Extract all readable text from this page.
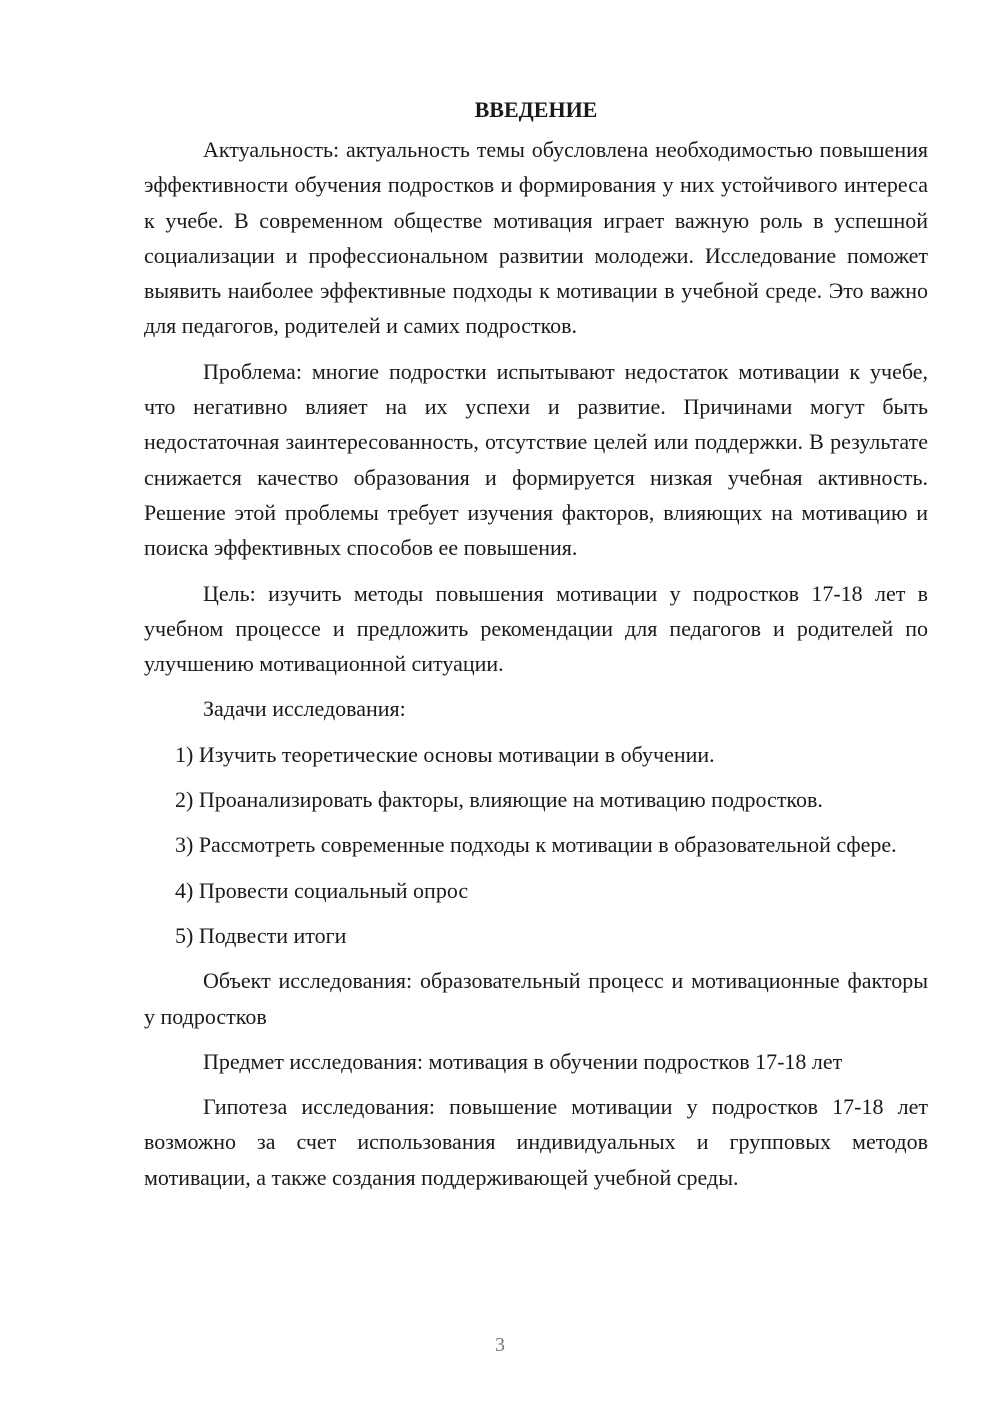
ВВЕДЕНИЕ

Актуальность: актуальность темы обусловлена необходимостью повышения эффективности обучения подростков и формирования у них устойчивого интереса к учебе. В современном обществе мотивация играет важную роль в успешной социализации и профессиональном развитии молодежи. Исследование поможет выявить наиболее эффективные подходы к мотивации в учебной среде. Это важно для педагогов, родителей и самих подростков.

Проблема: многие подростки испытывают недостаток мотивации к учебе, что негативно влияет на их успехи и развитие. Причинами могут быть недостаточная заинтересованность, отсутствие целей или поддержки. В результате снижается качество образования и формируется низкая учебная активность. Решение этой проблемы требует изучения факторов, влияющих на мотивацию и поиска эффективных способов ее повышения.

Цель: изучить методы повышения мотивации у подростков 17-18 лет в учебном процессе и предложить рекомендации для педагогов и родителей по улучшению мотивационной ситуации.

Задачи исследования:

1) Изучить теоретические основы мотивации в обучении.

2) Проанализировать факторы, влияющие на мотивацию подростков.

3) Рассмотреть современные подходы к мотивации в образовательной сфере.

4) Провести социальный опрос

5) Подвести итоги

Объект исследования: образовательный процесс и мотивационные факторы у подростков

Предмет исследования: мотивация в обучении подростков 17-18 лет

Гипотеза исследования: повышение мотивации у подростков 17-18 лет возможно за счет использования индивидуальных и групповых методов мотивации, а также создания поддерживающей учебной среды.

3
